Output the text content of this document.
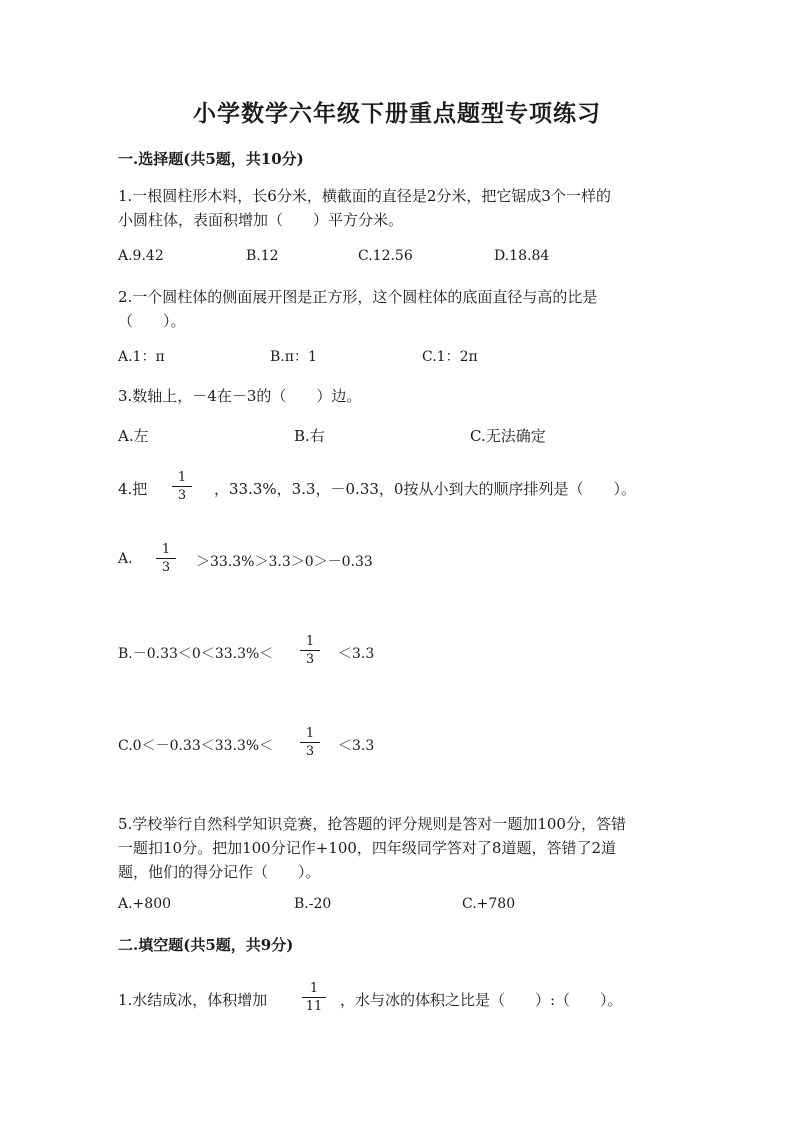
小学数学六年级下册重点题型专项练习
一.选择题(共5题，共10分)
1.一根圆柱形木料，长6分米，横截面的直径是2分米，把它锯成3个一样的
小圆柱体，表面积增加（　　）平方分米。
A.9.42	B.12	C.12.56	D.18.84
2.一个圆柱体的侧面展开图是正方形，这个圆柱体的底面直径与高的比是
（　　）。
A.1：π	B.π：1	C.1：2π
3.数轴上，－4在－3的（　　）边。
A.左	B.右	C.无法确定
4.把 $\frac{1}{3}$ ，33.3%，3.3，－0.33，0按从小到大的顺序排列是（　　）。
A. $\frac{1}{3} >33.3\%>3.3>0>-0.33$
$B.-0.33<0<33.3\%< \frac{1}{3} <3.3$
$C.0<-0.33<33.3\%< \frac{1}{3} <3.3$
5.学校举行自然科学知识竞赛，抢答题的评分规则是答对一题加100分，答错
一题扣10分。把加100分记作+100，四年级同学答对了8道题，答错了2道
题，他们的得分记作（　　）。
A.+800	B.-20	C.+780
二.填空题(共5题，共9分)
1.水结成冰，体积增加	$\frac{1}{11}$ ，水与冰的体积之比是（　　）:（　　）。
